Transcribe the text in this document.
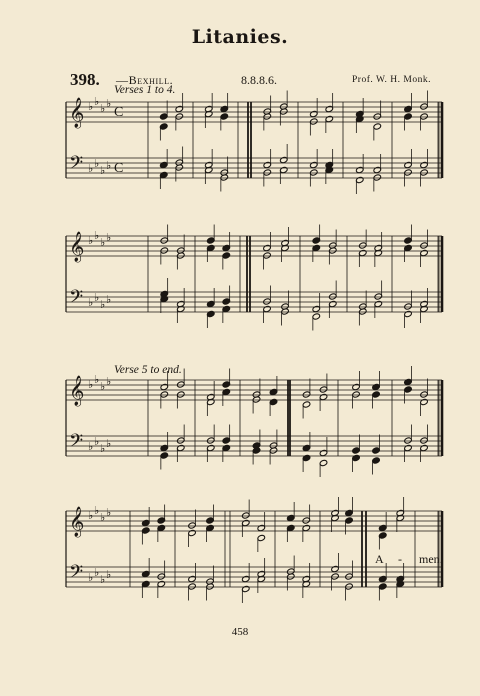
Litanies.
398. —Bexhill.	8.8.8.6.	Prof. W. H. Monk.
Verses 1 to 4.
Verse 5 to end.
𝄞
𝄢
♭ ♭
♭ ♭
♭ ♭
♭ ♭
C
C
𝄞
𝄢
♭ ♭
♭ ♭
♭ ♭
♭ ♭
𝄞
𝄢
♭ ♭
♭ ♭
♭ ♭
♭ ♭
𝄞
𝄢
♭ ♭
♭ ♭
♭ ♭
♭ ♭
A - men.
458
